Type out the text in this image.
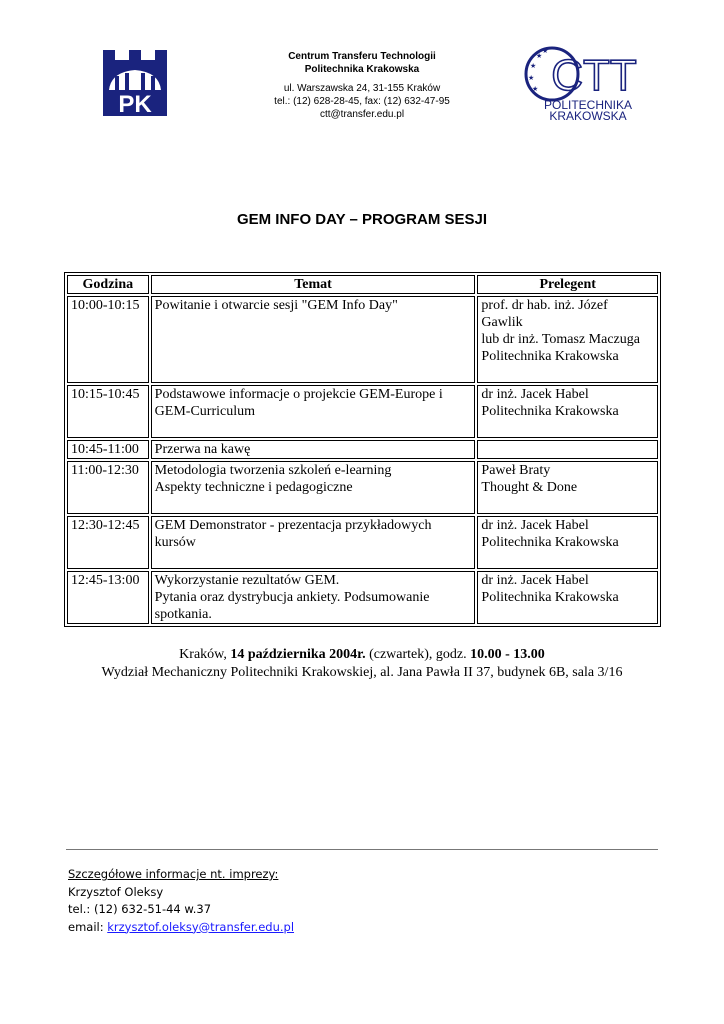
PK
Centrum Transferu Technologii
Politechnika Krakowska
ul. Warszawska 24, 31-155 Kraków
tel.: (12) 628-28-45, fax: (12) 632-47-95
ctt@transfer.edu.pl
★
★
★
★
★ CTT
POLITECHNIKA
KRAKOWSKA
GEM INFO DAY – PROGRAM SESJI
Godzina	Temat	Prelegent
10:00-10:15	Powitanie i otwarcie sesji "GEM Info Day"	prof. dr hab. inż. Józef
Gawlik
lub dr inż. Tomasz Maczuga
Politechnika Krakowska

10:15-10:45	Podstawowe informacje o projekcie GEM-Europe i
GEM-Curriculum	dr inż. Jacek Habel
Politechnika Krakowska

10:45-11:00	Przerwa na kawę	

11:00-12:30	Metodologia tworzenia szkoleń e-learning
Aspekty techniczne i pedagogiczne	Paweł Braty
Thought & Done

12:30-12:45	GEM Demonstrator - prezentacja przykładowych
kursów	dr inż. Jacek Habel
Politechnika Krakowska

12:45-13:00	Wykorzystanie rezultatów GEM.
Pytania oraz dystrybucja ankiety. Podsumowanie
spotkania.	dr inż. Jacek Habel
Politechnika Krakowska
Kraków, 14 października 2004r. (czwartek), godz. 10.00 - 13.00
Wydział Mechaniczny Politechniki Krakowskiej, al. Jana Pawła II 37, budynek 6B, sala 3/16
Szczegółowe informacje nt. imprezy:
Krzysztof Oleksy
tel.: (12) 632-51-44 w.37
email: krzysztof.oleksy@transfer.edu.pl
